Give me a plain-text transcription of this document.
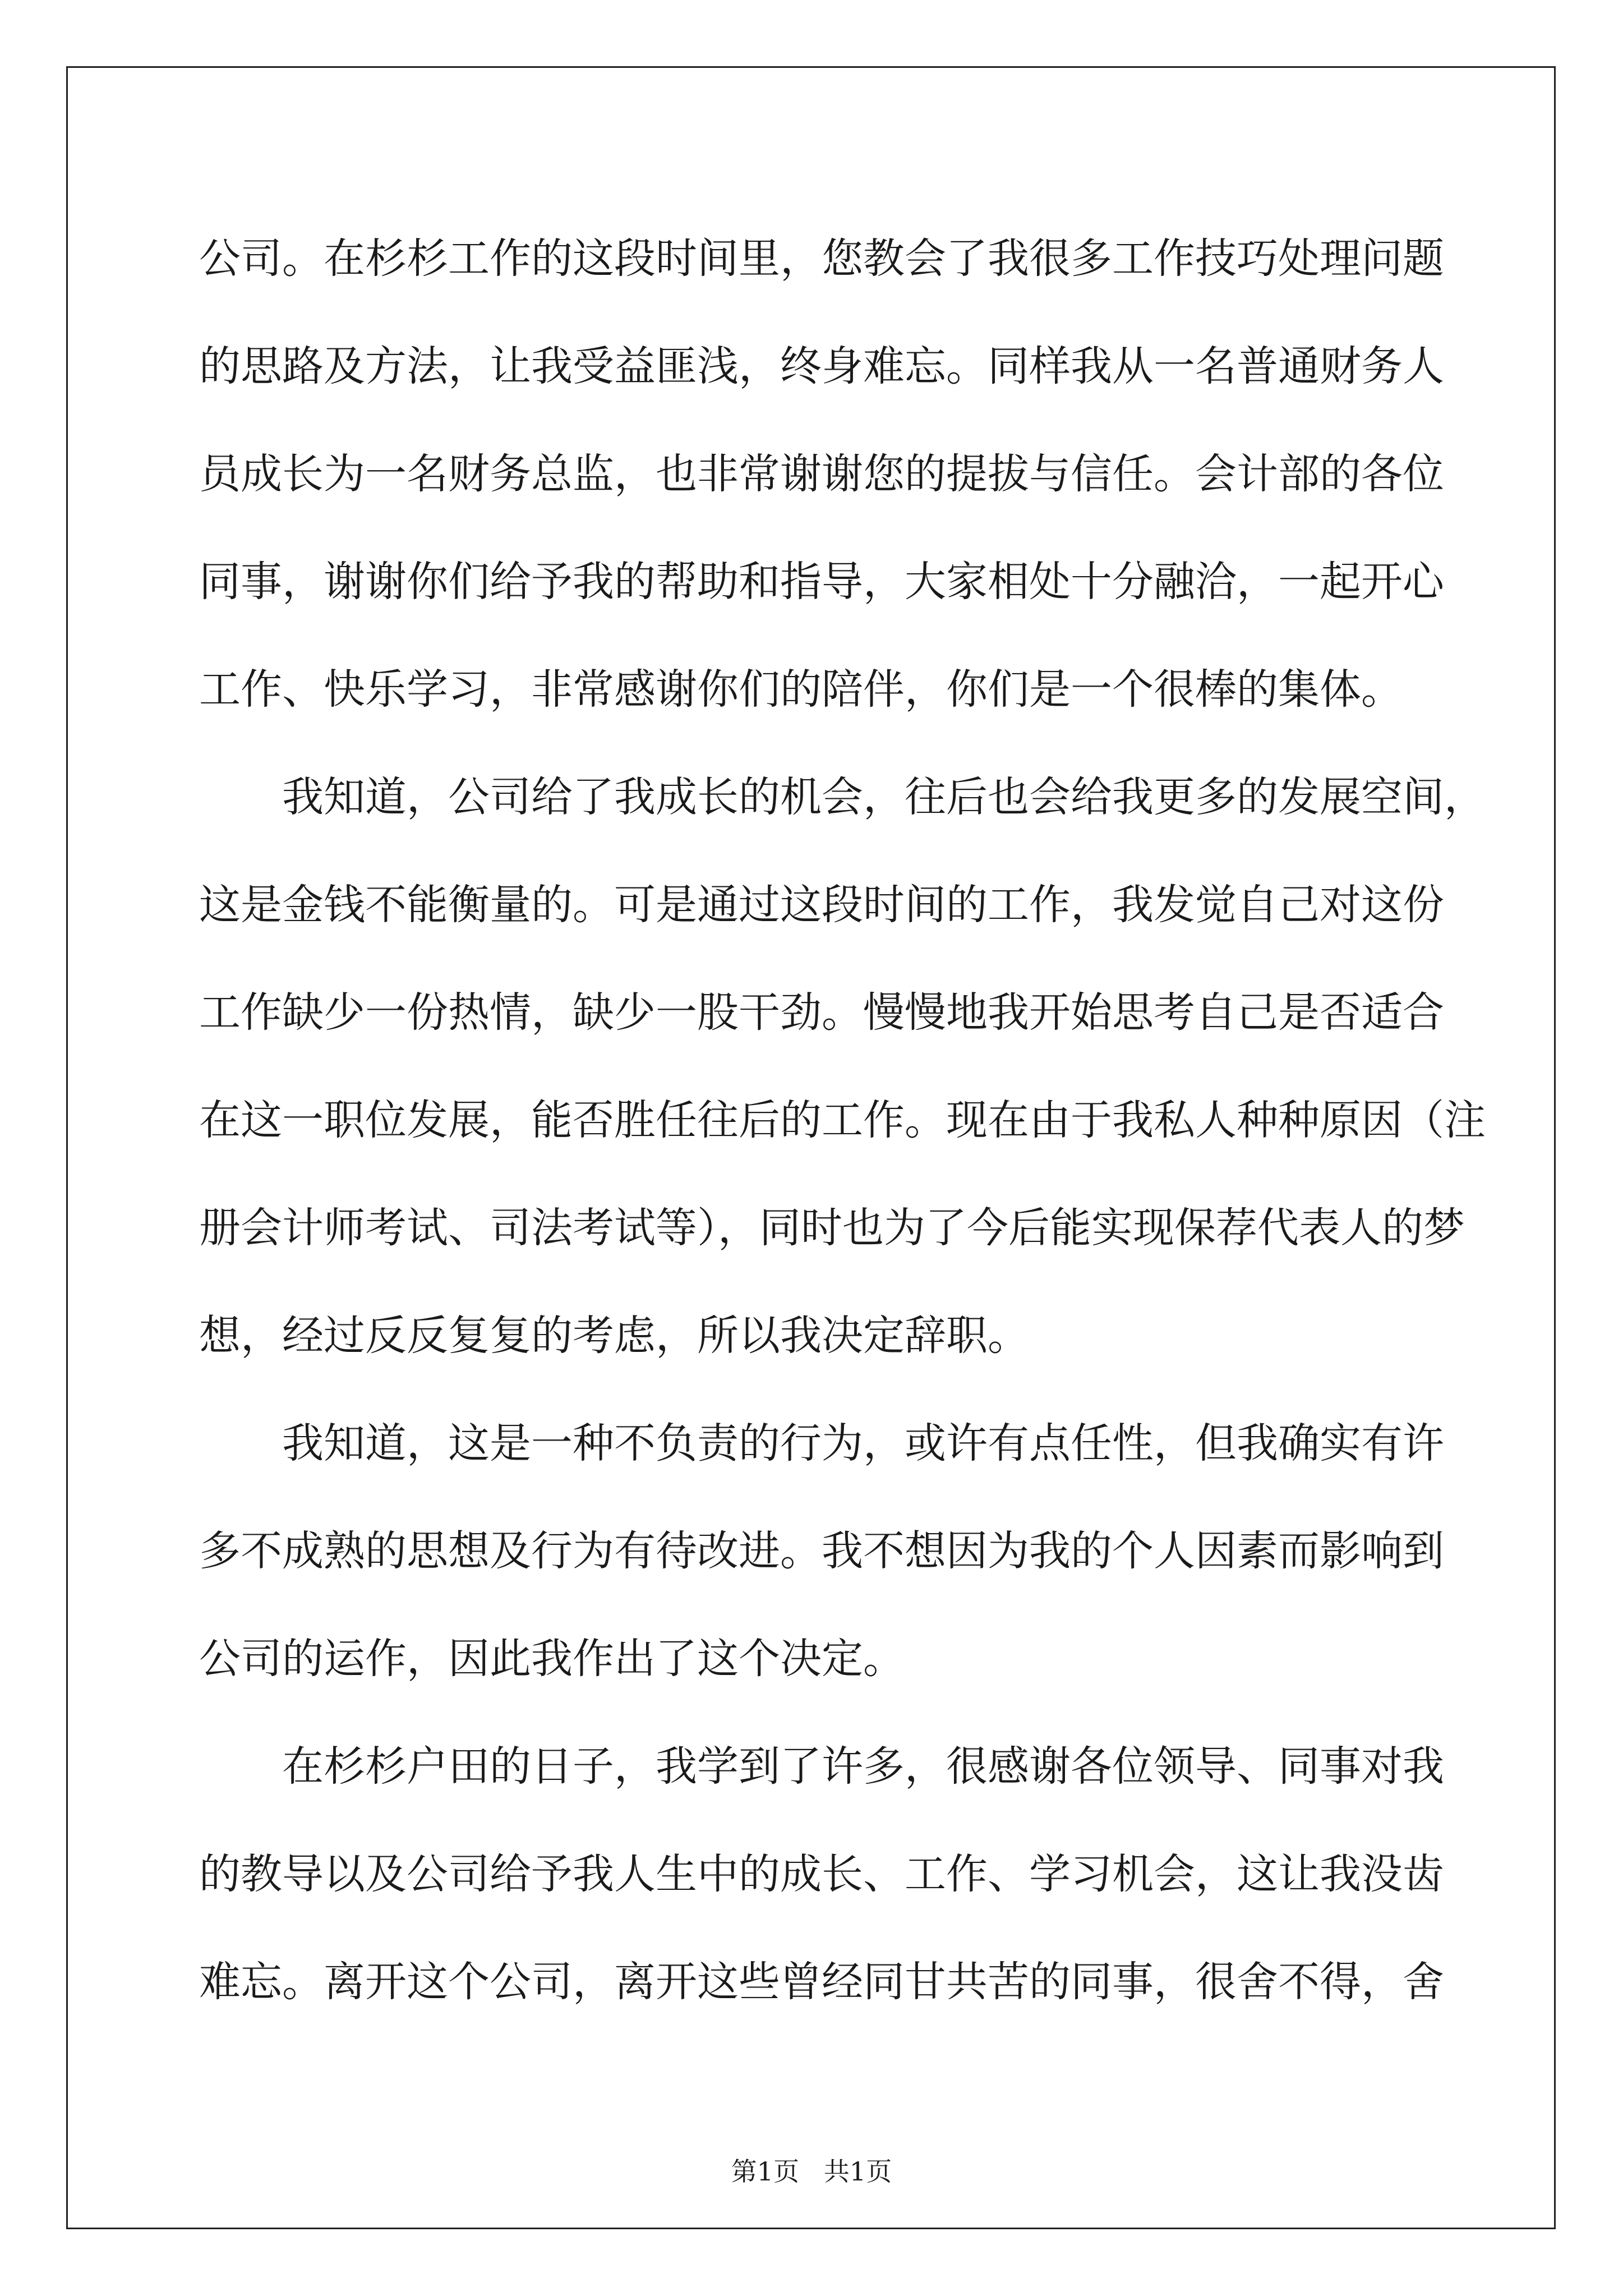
公司。在杉杉工作的这段时间里，您教会了我很多工作技巧处理问题
的思路及方法，让我受益匪浅，终身难忘。同样我从一名普通财务人
员成长为一名财务总监，也非常谢谢您的提拔与信任。会计部的各位
同事，谢谢你们给予我的帮助和指导，大家相处十分融洽，一起开心
工作、快乐学习，非常感谢你们的陪伴，你们是一个很棒的集体。
我知道，公司给了我成长的机会，往后也会给我更多的发展空间，
这是金钱不能衡量的。可是通过这段时间的工作，我发觉自己对这份
工作缺少一份热情，缺少一股干劲。慢慢地我开始思考自己是否适合
在这一职位发展，能否胜任往后的工作。现在由于我私人种种原因（注
册会计师考试、司法考试等），同时也为了今后能实现保荐代表人的梦
想，经过反反复复的考虑，所以我决定辞职。
我知道，这是一种不负责的行为，或许有点任性，但我确实有许
多不成熟的思想及行为有待改进。我不想因为我的个人因素而影响到
公司的运作，因此我作出了这个决定。
在杉杉户田的日子，我学到了许多，很感谢各位领导、同事对我
的教导以及公司给予我人生中的成长、工作、学习机会，这让我没齿
难忘。离开这个公司，离开这些曾经同甘共苦的同事，很舍不得，舍
第1页   共1页
